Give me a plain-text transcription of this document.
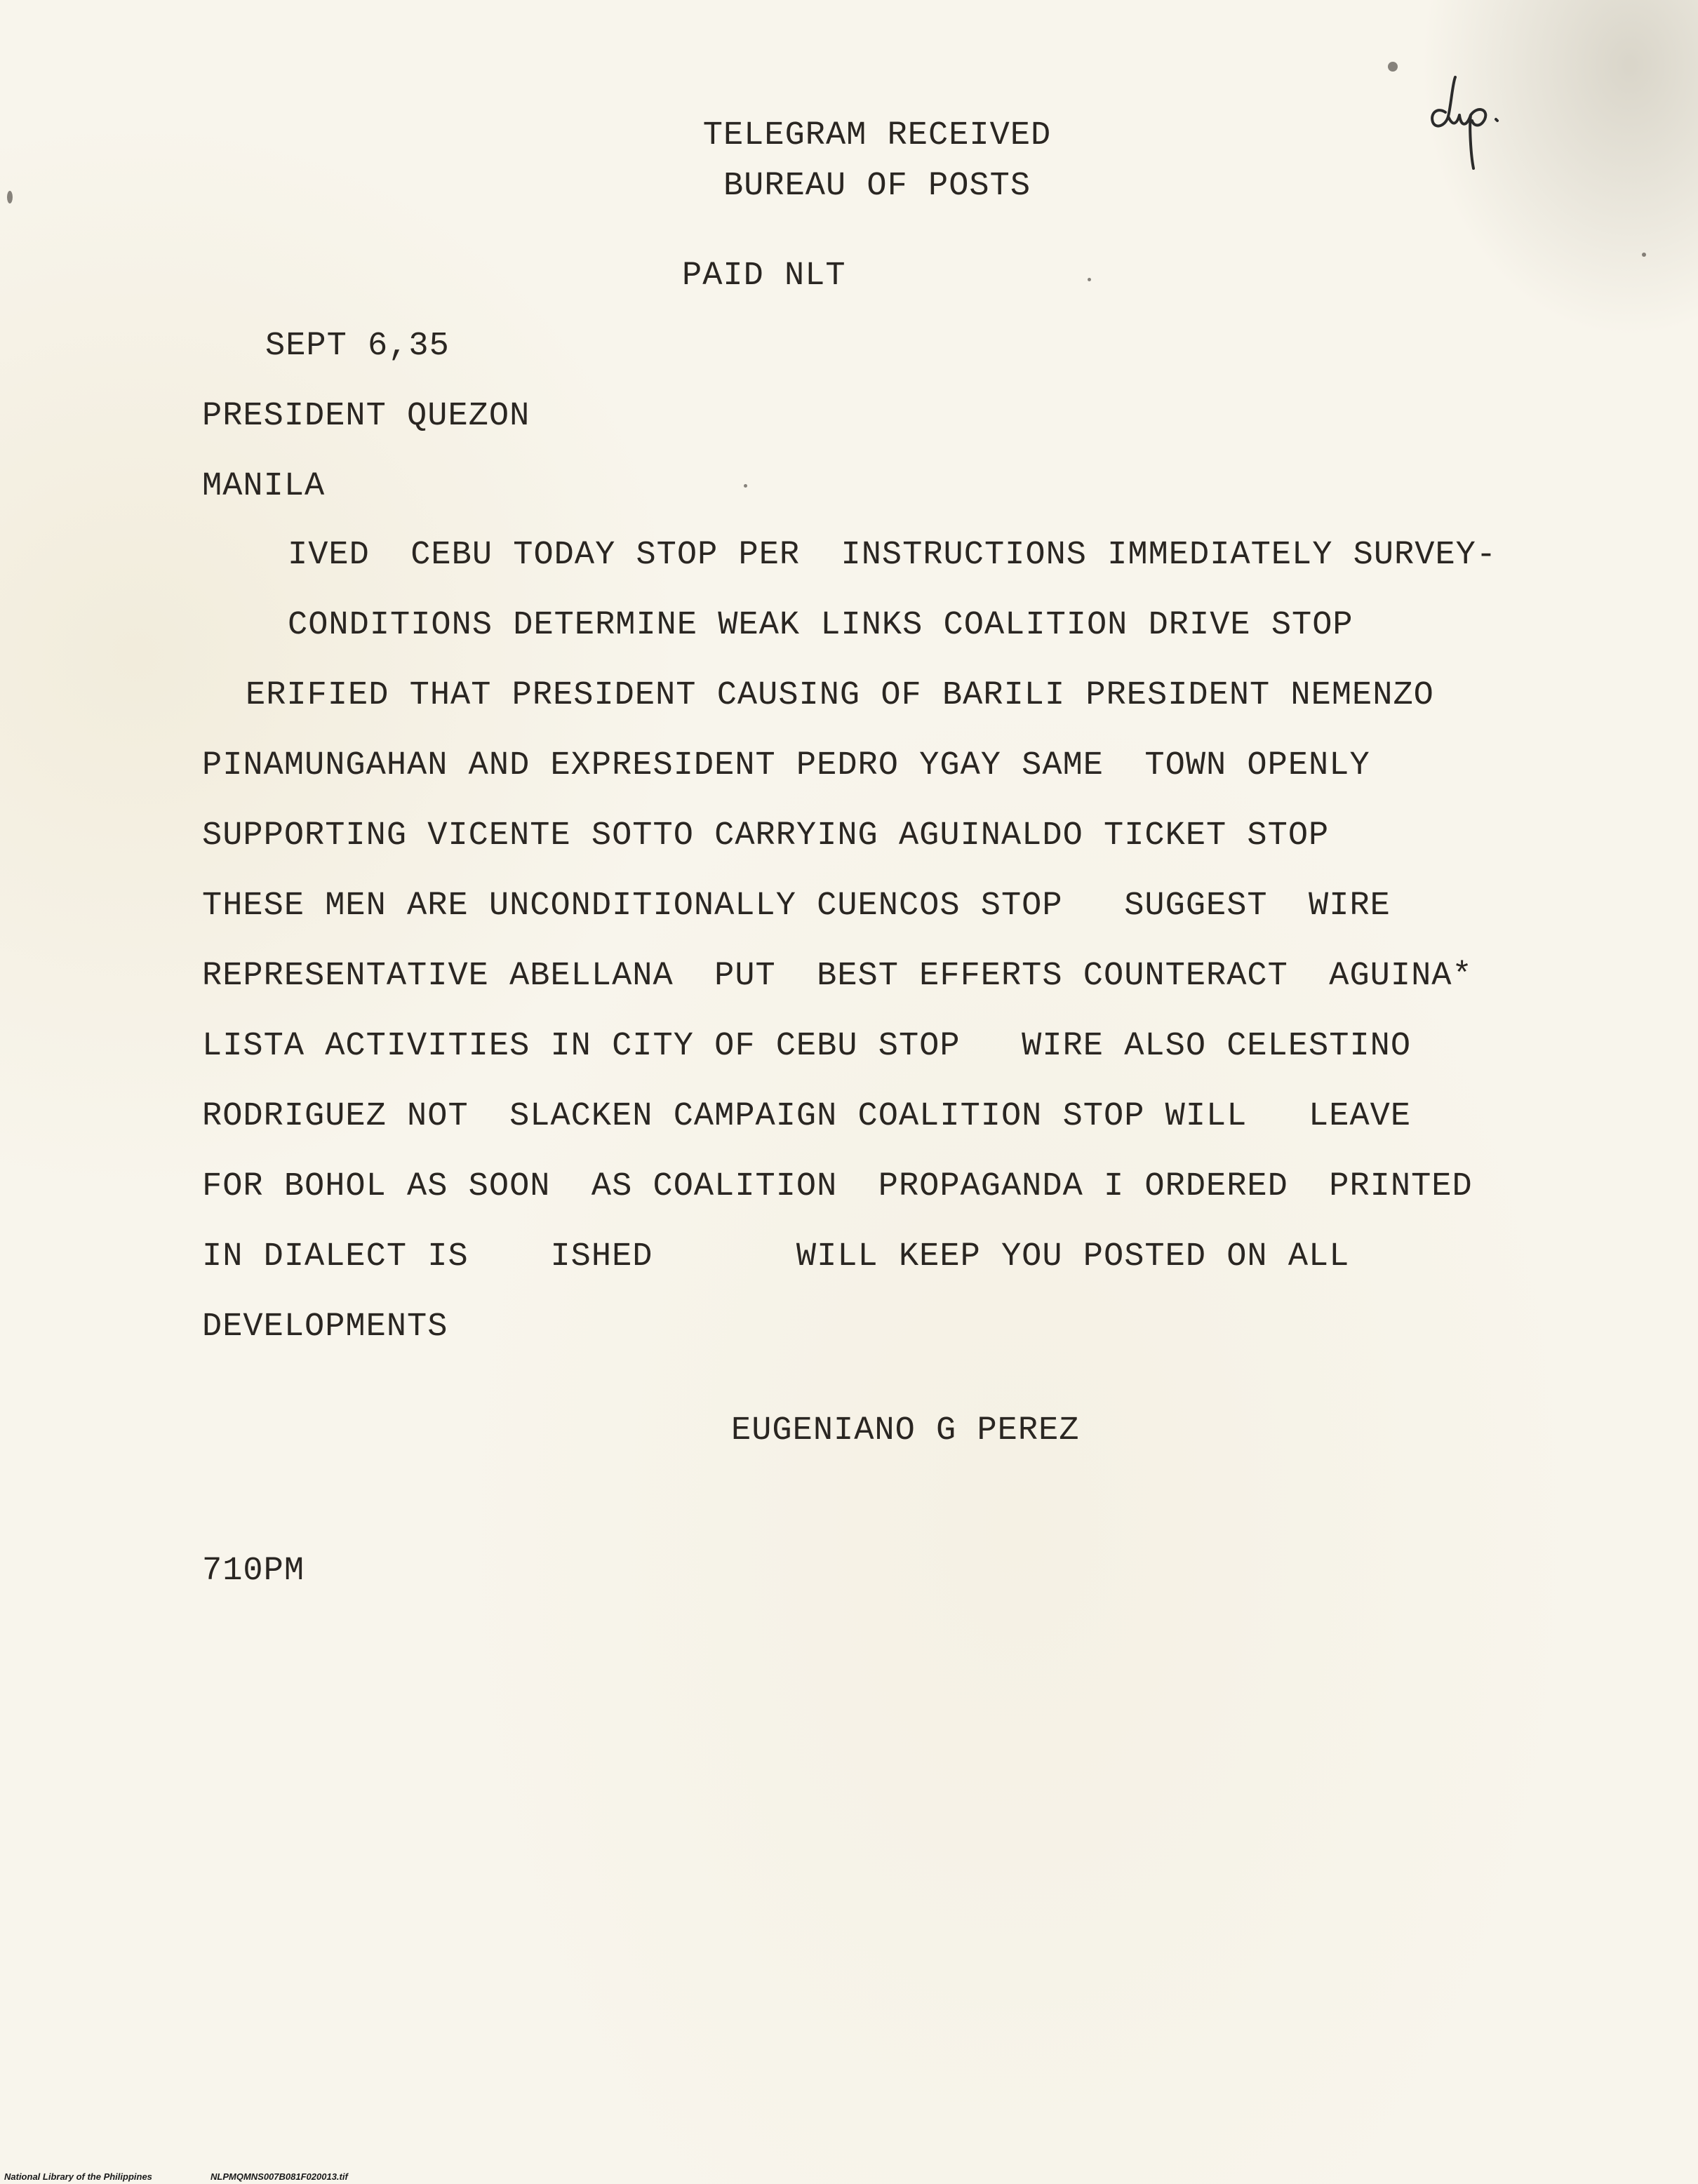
TELEGRAM RECEIVED
BUREAU OF POSTS
PAID NLT
SEPT 6,35
PRESIDENT QUEZON
MANILA
IVED  CEBU TODAY STOP PER  INSTRUCTIONS IMMEDIATELY SURVEY-
CONDITIONS DETERMINE WEAK LINKS COALITION DRIVE STOP
ERIFIED THAT PRESIDENT CAUSING OF BARILI PRESIDENT NEMENZO
PINAMUNGAHAN AND EXPRESIDENT PEDRO YGAY SAME  TOWN OPENLY
SUPPORTING VICENTE SOTTO CARRYING AGUINALDO TICKET STOP
THESE MEN ARE UNCONDITIONALLY CUENCOS STOP   SUGGEST  WIRE
REPRESENTATIVE ABELLANA  PUT  BEST EFFERTS COUNTERACT  AGUINA*
LISTA ACTIVITIES IN CITY OF CEBU STOP   WIRE ALSO CELESTINO
RODRIGUEZ NOT  SLACKEN CAMPAIGN COALITION STOP WILL   LEAVE
FOR BOHOL AS SOON  AS COALITION  PROPAGANDA I ORDERED  PRINTED
IN DIALECT IS    ISHED       WILL KEEP YOU POSTED ON ALL
DEVELOPMENTS
EUGENIANO G PEREZ
710PM
National Library of the Philippines	NLPMQMNS007B081F020013.tif
